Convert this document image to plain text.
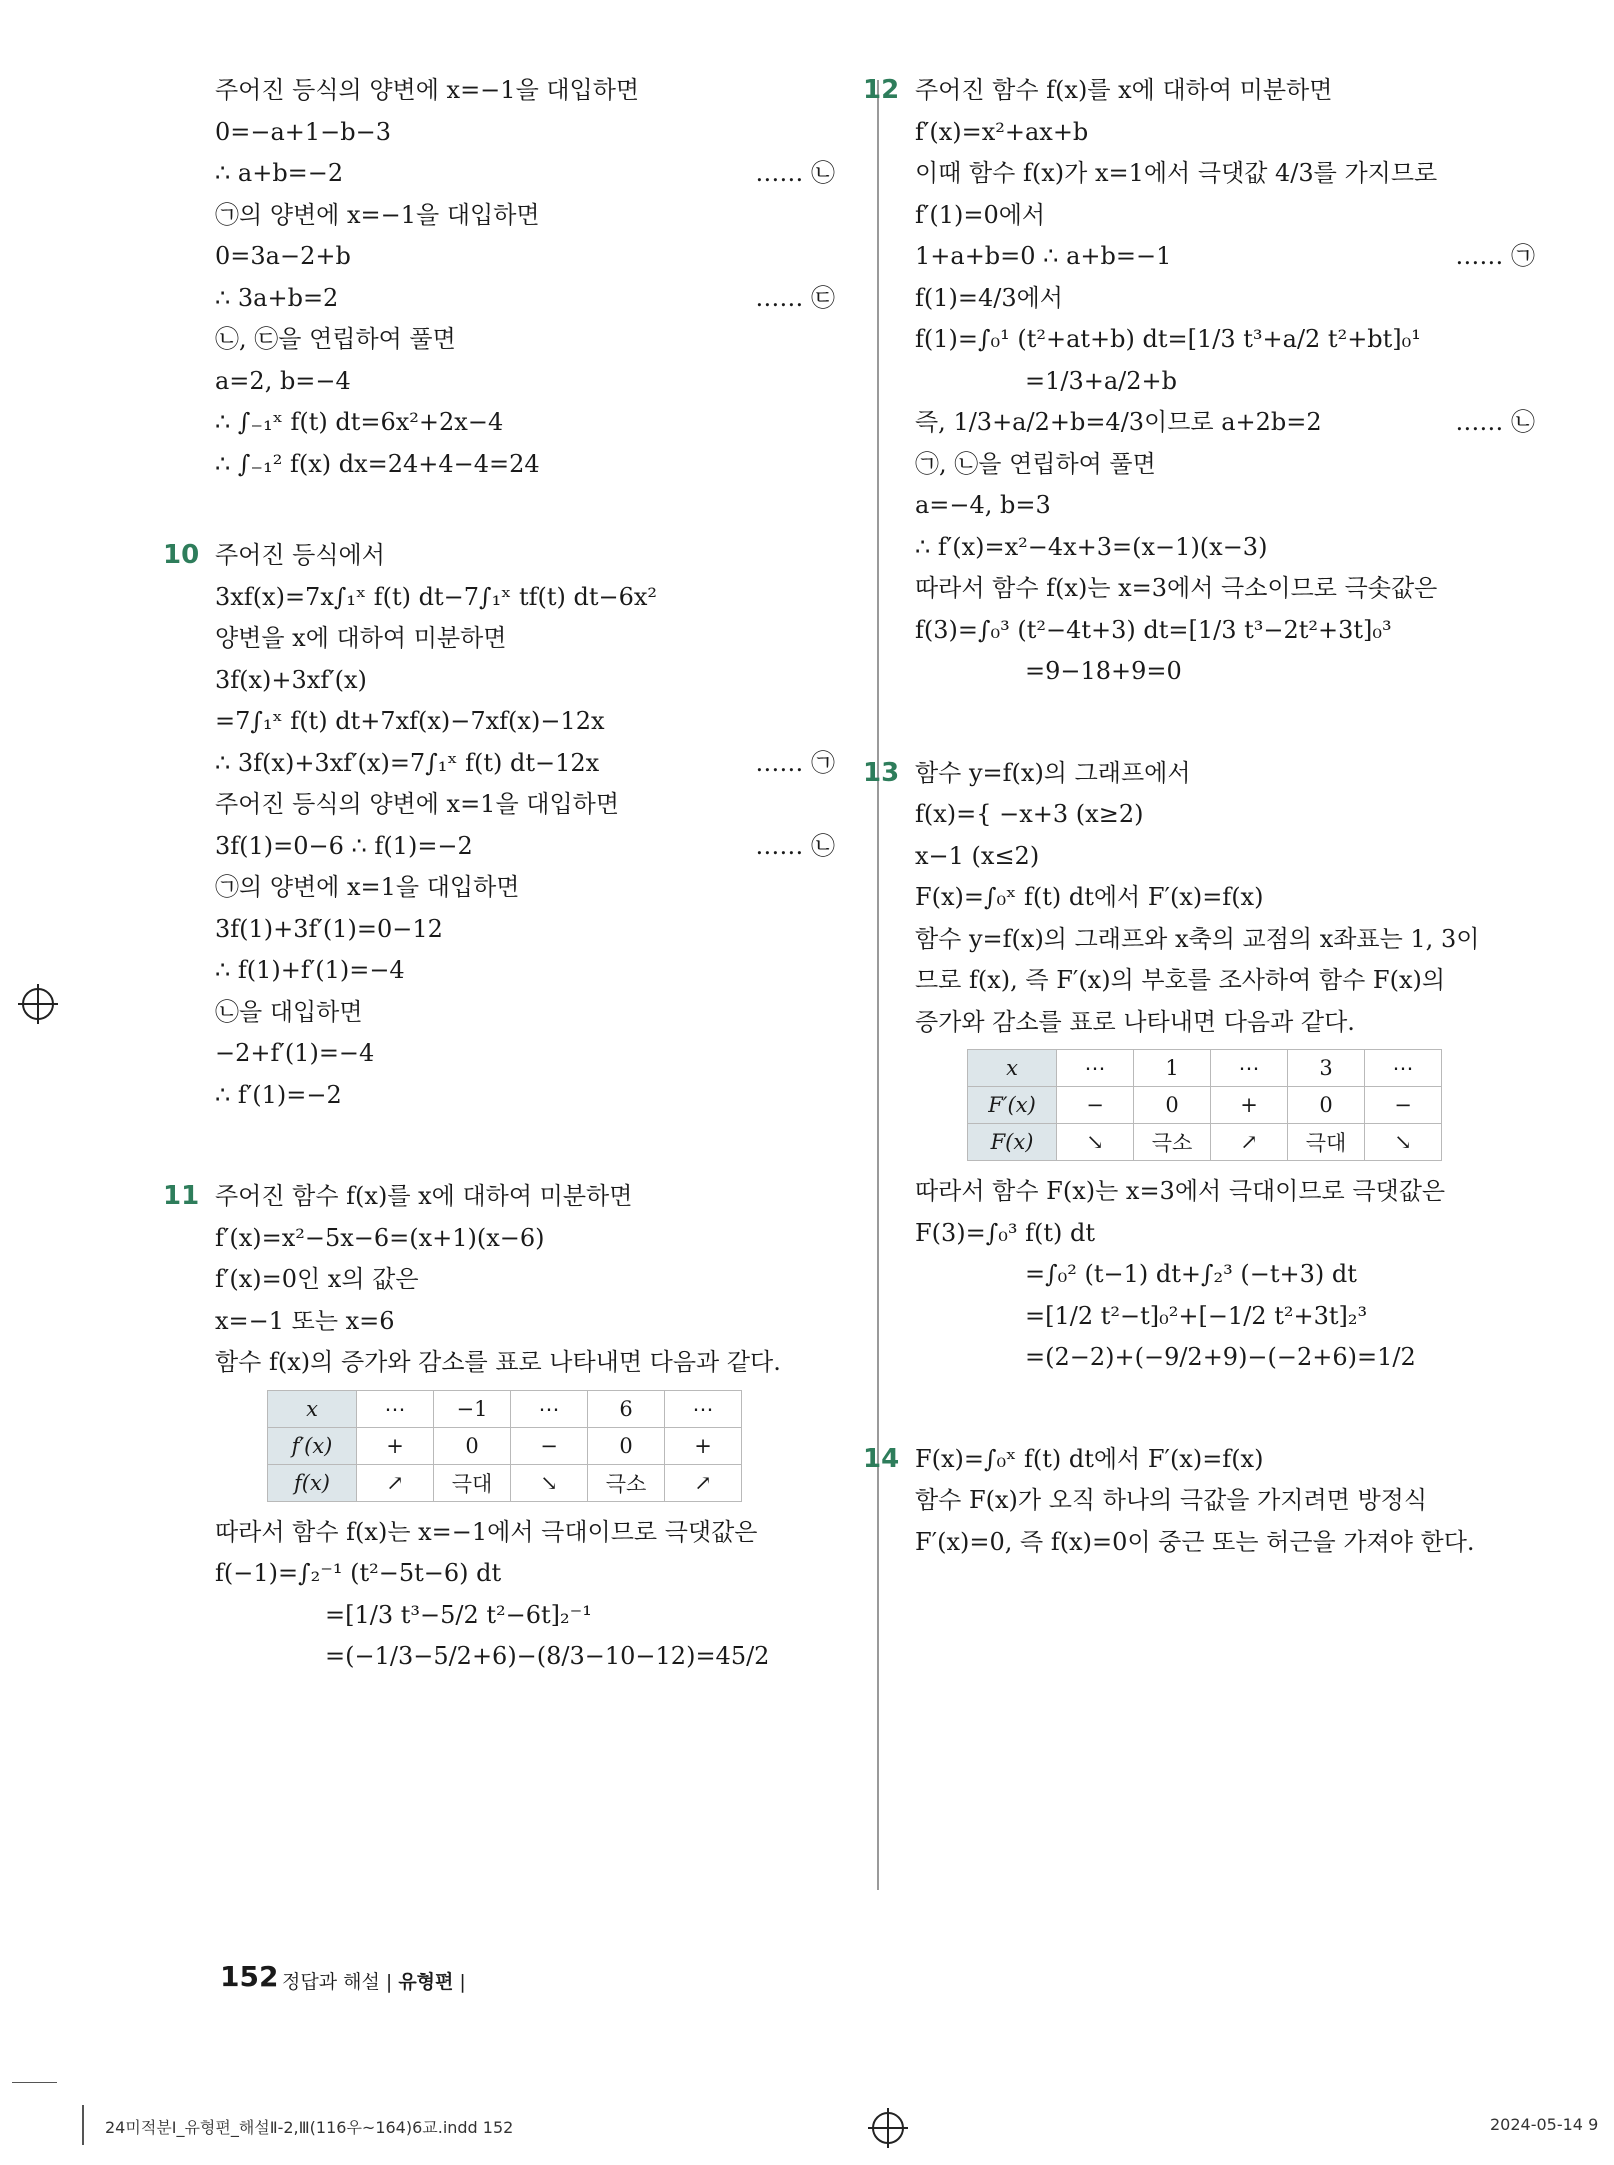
주어진 등식의 양변에 x=−1을 대입하면
0=−a+1−b−3
∴ a+b=−2	…… ㉡
㉠의 양변에 x=−1을 대입하면
0=3a−2+b
∴ 3a+b=2	…… ㉢
㉡, ㉢을 연립하여 풀면
a=2, b=−4
∴ ∫₋₁ˣ f(t) dt=6x²+2x−4
∴ ∫₋₁² f(x) dx=24+4−4=24
10 주어진 등식에서
3xf(x)=7x∫₁ˣ f(t) dt−7∫₁ˣ tf(t) dt−6x²
양변을 x에 대하여 미분하면
3f(x)+3xf′(x)
=7∫₁ˣ f(t) dt+7xf(x)−7xf(x)−12x
∴ 3f(x)+3xf′(x)=7∫₁ˣ f(t) dt−12x	…… ㉠
주어진 등식의 양변에 x=1을 대입하면
3f(1)=0−6 ∴ f(1)=−2	…… ㉡
㉠의 양변에 x=1을 대입하면
3f(1)+3f′(1)=0−12
∴ f(1)+f′(1)=−4
㉡을 대입하면
−2+f′(1)=−4
∴ f′(1)=−2
11 주어진 함수 f(x)를 x에 대하여 미분하면
f′(x)=x²−5x−6=(x+1)(x−6)
f′(x)=0인 x의 값은
x=−1 또는 x=6
함수 f(x)의 증가와 감소를 표로 나타내면 다음과 같다.
x	⋯	−1	⋯	6	⋯
f′(x)	+	0	−	0	+
f(x)	↗	극대	↘	극소	↗
따라서 함수 f(x)는 x=−1에서 극대이므로 극댓값은
f(−1)=∫₂⁻¹ (t²−5t−6) dt
=[1/3 t³−5/2 t²−6t]₂⁻¹
=(−1/3−5/2+6)−(8/3−10−12)=45/2
12 주어진 함수 f(x)를 x에 대하여 미분하면
f′(x)=x²+ax+b
이때 함수 f(x)가 x=1에서 극댓값 4/3를 가지므로
f′(1)=0에서
1+a+b=0 ∴ a+b=−1	…… ㉠
f(1)=4/3에서
f(1)=∫₀¹ (t²+at+b) dt=[1/3 t³+a/2 t²+bt]₀¹
=1/3+a/2+b
즉, 1/3+a/2+b=4/3이므로 a+2b=2	…… ㉡
㉠, ㉡을 연립하여 풀면
a=−4, b=3
∴ f′(x)=x²−4x+3=(x−1)(x−3)
따라서 함수 f(x)는 x=3에서 극소이므로 극솟값은
f(3)=∫₀³ (t²−4t+3) dt=[1/3 t³−2t²+3t]₀³
=9−18+9=0
13 함수 y=f(x)의 그래프에서
f(x)={ −x+3 (x≥2)
x−1 (x≤2)
F(x)=∫₀ˣ f(t) dt에서 F′(x)=f(x)
함수 y=f(x)의 그래프와 x축의 교점의 x좌표는 1, 3이
므로 f(x), 즉 F′(x)의 부호를 조사하여 함수 F(x)의
증가와 감소를 표로 나타내면 다음과 같다.
x	⋯	1	⋯	3	⋯
F′(x)	−	0	+	0	−
F(x)	↘	극소	↗	극대	↘
따라서 함수 F(x)는 x=3에서 극대이므로 극댓값은
F(3)=∫₀³ f(t) dt
=∫₀² (t−1) dt+∫₂³ (−t+3) dt
=[1/2 t²−t]₀²+[−1/2 t²+3t]₂³
=(2−2)+(−9/2+9)−(−2+6)=1/2
14 F(x)=∫₀ˣ f(t) dt에서 F′(x)=f(x)
함수 F(x)가 오직 하나의 극값을 가지려면 방정식
F′(x)=0, 즉 f(x)=0이 중근 또는 허근을 가져야 한다.
152 정답과 해설 | 유형편 |
24미적분Ⅰ_유형편_해설Ⅱ-2,Ⅲ(116우~164)6교.indd 152	2024-05-14 9
